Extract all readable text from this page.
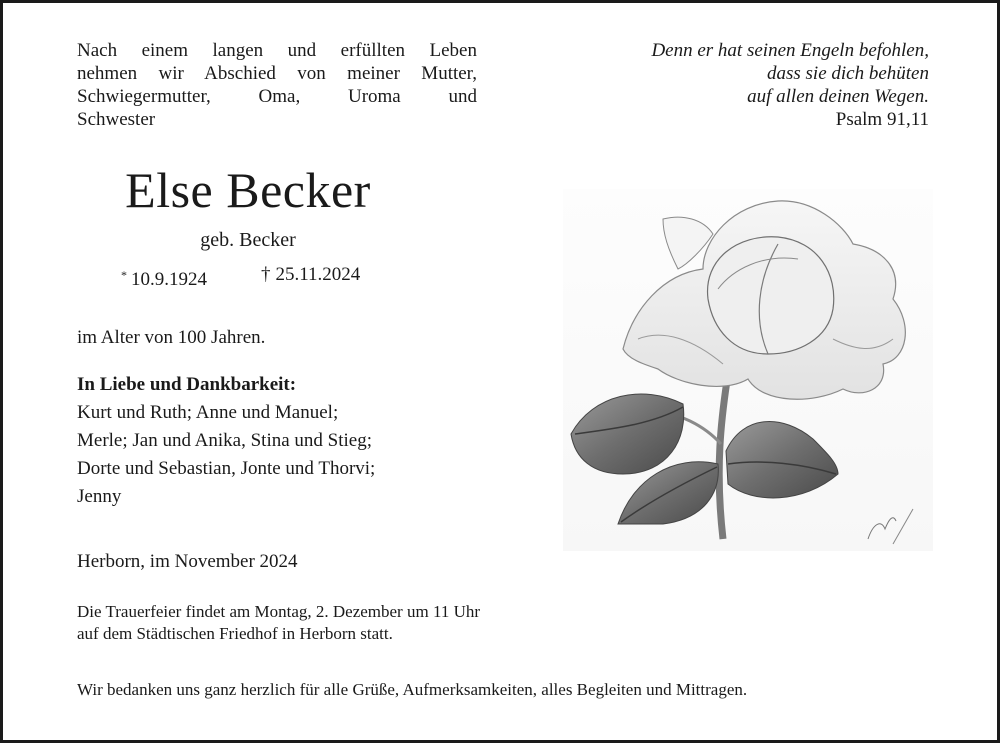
Nach einem langen und erfüllten Leben
nehmen wir Abschied von meiner Mutter,
Schwiegermutter, Oma, Uroma und
Schwester
Denn er hat seinen Engeln befohlen,
dass sie dich behüten
auf allen deinen Wegen.
Psalm 91,11
Else Becker
geb. Becker
* 10.9.1924	† 25.11.2024
im Alter von 100 Jahren.
In Liebe und Dankbarkeit:
Kurt und Ruth; Anne und Manuel;
Merle; Jan und Anika, Stina und Stieg;
Dorte und Sebastian, Jonte und Thorvi;
Jenny
Herborn, im November 2024
Die Trauerfeier findet am Montag, 2. Dezember um 11 Uhr
auf dem Städtischen Friedhof in Herborn statt.
Wir bedanken uns ganz herzlich für alle Grüße, Aufmerksamkeiten, alles Begleiten und Mittragen.
